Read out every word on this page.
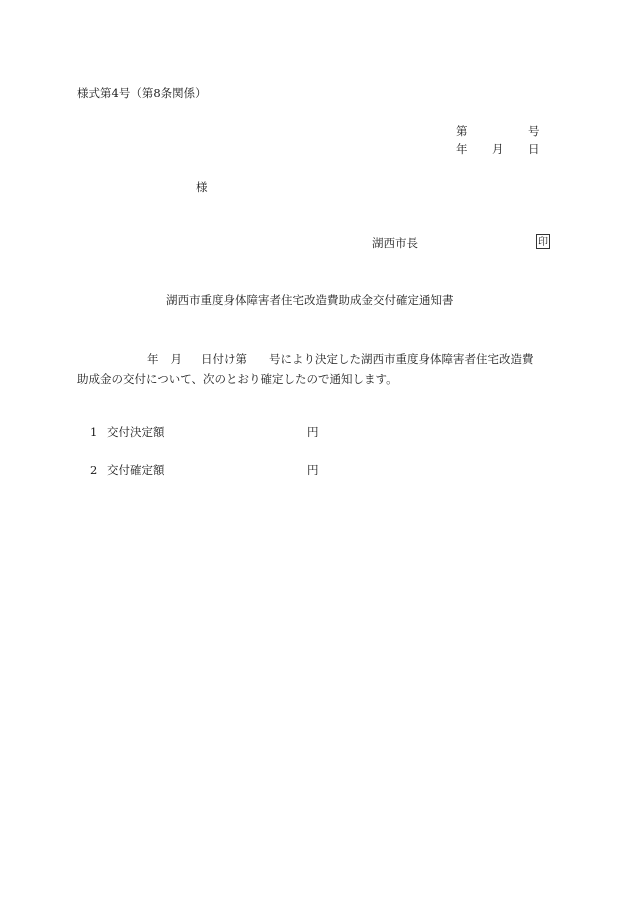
様式第4号（第8条関係）
第	号
年 月 日
様
湖西市長	印
湖西市重度身体障害者住宅改造費助成金交付確定通知書
年 月 日付け第 号により決定した湖西市重度身体障害者住宅改造費
助成金の交付について、次のとおり確定したので通知します。
1 交付決定額	円
2 交付確定額	円
